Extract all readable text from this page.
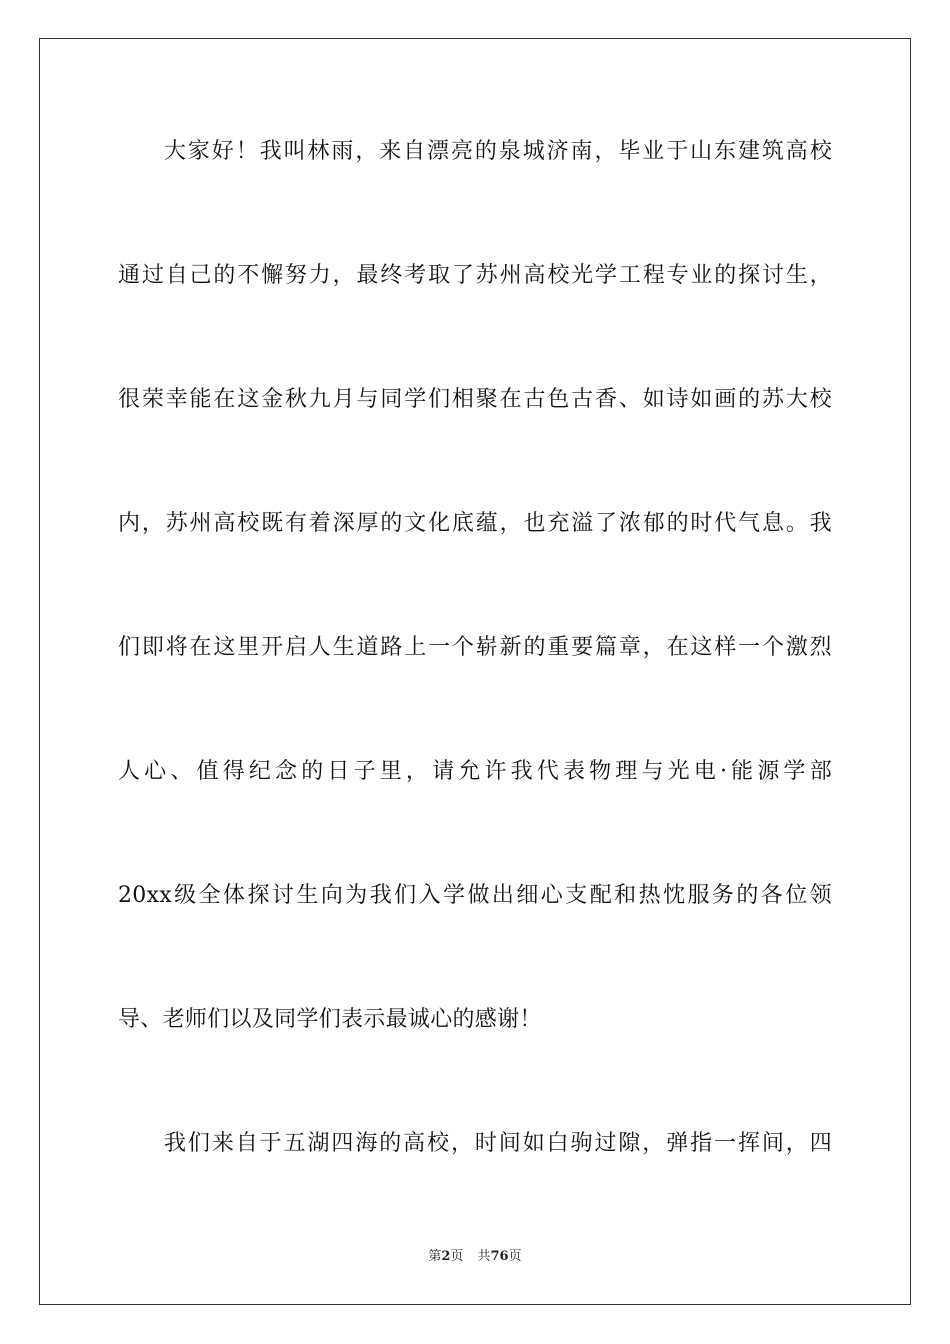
大家好！我叫林雨，来自漂亮的泉城济南，毕业于山东建筑高校
通过自己的不懈努力，最终考取了苏州高校光学工程专业的探讨生，
很荣幸能在这金秋九月与同学们相聚在古色古香、如诗如画的苏大校
内，苏州高校既有着深厚的文化底蕴，也充溢了浓郁的时代气息。我
们即将在这里开启人生道路上一个崭新的重要篇章，在这样一个激烈
人心、值得纪念的日子里，请允许我代表物理与光电·能源学部
20xx级全体探讨生向为我们入学做出细心支配和热忱服务的各位领
导、老师们以及同学们表示最诚心的感谢！
我们来自于五湖四海的高校，时间如白驹过隙，弹指一挥间，四
第2页 共76页
